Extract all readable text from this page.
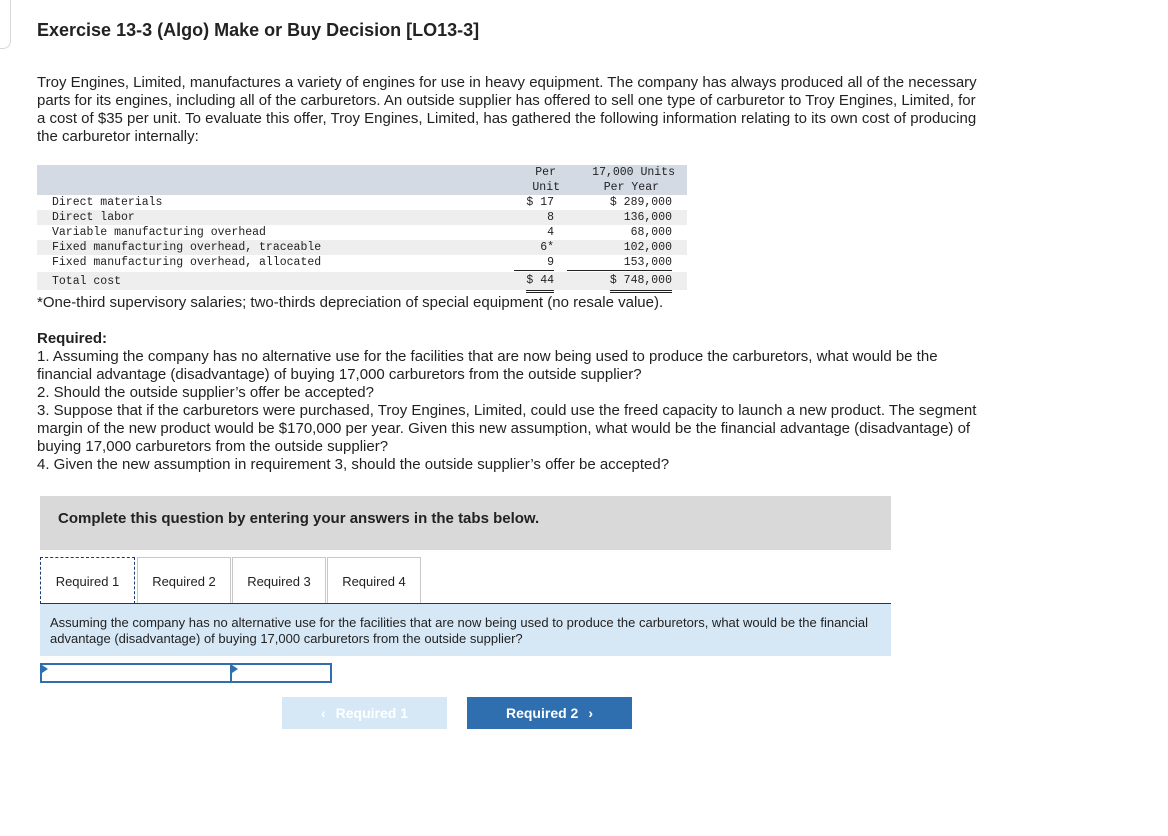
Exercise 13-3 (Algo) Make or Buy Decision [LO13-3]

Troy Engines, Limited, manufactures a variety of engines for use in heavy equipment. The company has always produced all of the necessary parts for its engines, including all of the carburetors. An outside supplier has offered to sell one type of carburetor to Troy Engines, Limited, for a cost of $35 per unit. To evaluate this offer, Troy Engines, Limited, has gathered the following information relating to its own cost of producing the carburetor internally:

Per
Unit
17,000 Units
Per Year
Direct materials	$ 17	$ 289,000
Direct labor	8	136,000
Variable manufacturing overhead	4	68,000
Fixed manufacturing overhead, traceable	6*	102,000
Fixed manufacturing overhead, allocated	9	153,000
Total cost	$ 44	$ 748,000

*One-third supervisory salaries; two-thirds depreciation of special equipment (no resale value).

Required:

1. Assuming the company has no alternative use for the facilities that are now being used to produce the carburetors, what would be the financial advantage (disadvantage) of buying 17,000 carburetors from the outside supplier?

2. Should the outside supplier’s offer be accepted?

3. Suppose that if the carburetors were purchased, Troy Engines, Limited, could use the freed capacity to launch a new product. The segment margin of the new product would be $170,000 per year. Given this new assumption, what would be the financial advantage (disadvantage) of buying 17,000 carburetors from the outside supplier?

4. Given the new assumption in requirement 3, should the outside supplier’s offer be accepted?

Complete this question by entering your answers in the tabs below.
Required 1	Required 2	Required 3	Required 4

Assuming the company has no alternative use for the facilities that are now being used to produce the carburetors, what would be the financial advantage (disadvantage) of buying 17,000 carburetors from the outside supplier?

‹ Required 1	Required 2 ›
